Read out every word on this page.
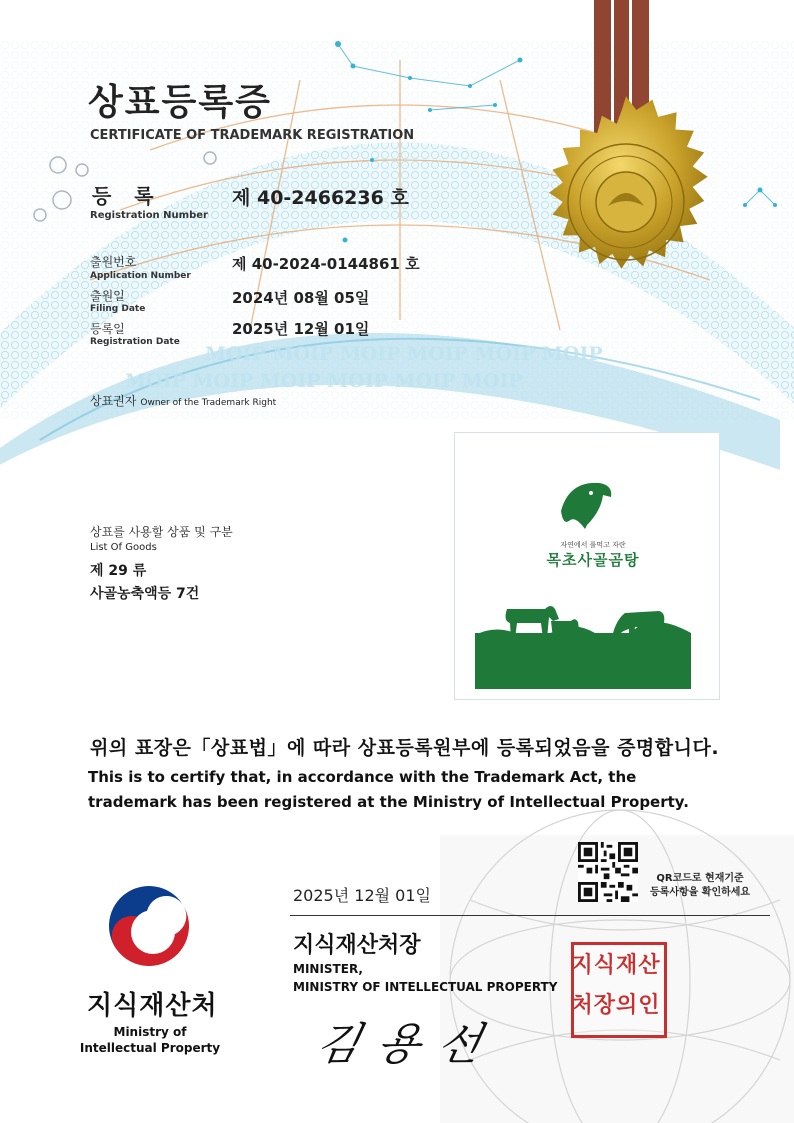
MOIP MOIP MOIP MOIP MOIP MOIP
MOIP MOIP MOIP MOIP MOIP MOIP
상표등록증
CERTIFICATE OF TRADEMARK REGISTRATION
등 록
Registration Number
제 40-2466236 호
출원번호
Application Number
제 40-2024-0144861 호
출원일
Filing Date
2024년 08월 05일
등록일
Registration Date
2025년 12월 01일
상표권자 Owner of the Trademark Right
상표를 사용할 상품 및 구분
List Of Goods
제 29 류
사골농축액등 7건
자연에서 풀먹고 자란
목초사골곰탕
위의 표장은「상표법」에 따라 상표등록원부에 등록되었음을 증명합니다.
This is to certify that, in accordance with the Trademark Act, the trademark has been registered at the Ministry of Intellectual Property.
2025년 12월 01일
지식재산처장
MINISTER,
MINISTRY OF INTELLECTUAL PROPERTY
김용선
QR코드로 현재기준
등록사항을 확인하세요
지식재산
처장의인
지식재산처
Ministry of
Intellectual Property
